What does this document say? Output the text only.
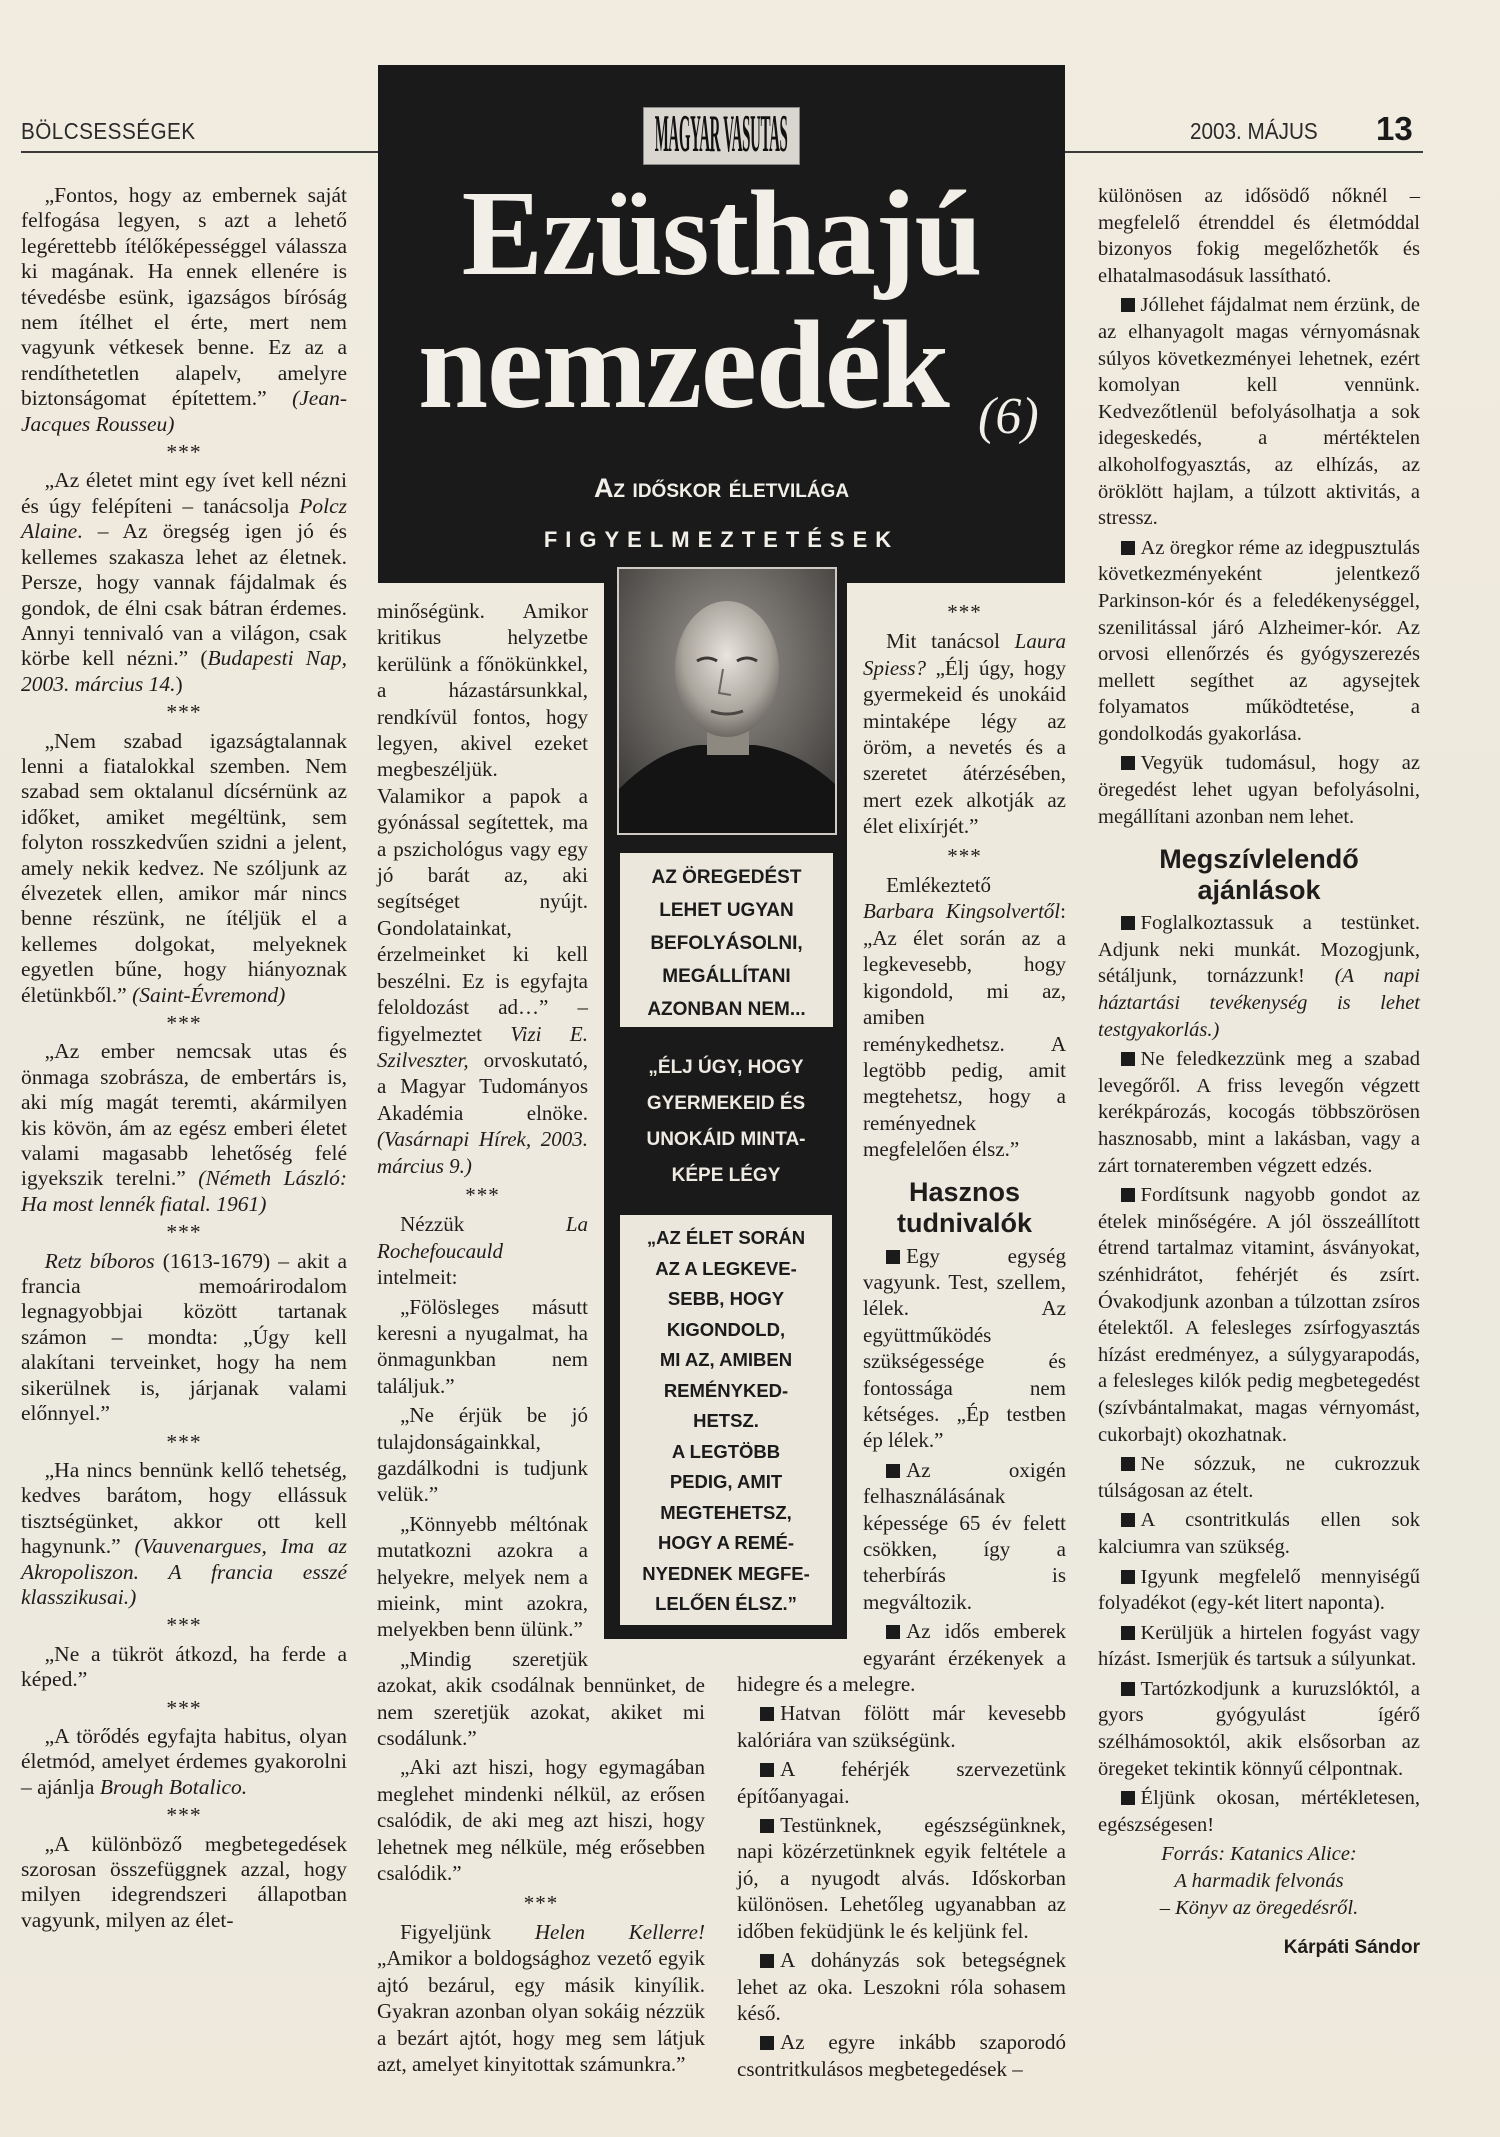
BÖLCSESSÉGEK	2003. MÁJUS 13
MAGYAR VASUTAS
Ezüsthajú
nemzedék (6)
Az időskor életvilága
FIGYELMEZTETÉSEK
AZ ÖREGEDÉST
LEHET UGYAN
BEFOLYÁSOLNI,
MEGÁLLÍTANI
AZONBAN NEM...
„ÉLJ ÚGY, HOGY
GYERMEKEID ÉS
UNOKÁID MINTA-
KÉPE LÉGY
„AZ ÉLET SORÁN
AZ A LEGKEVE-
SEBB, HOGY
KIGONDOLD,
MI AZ, AMIBEN
REMÉNYKED-
HETSZ.
A LEGTÖBB
PEDIG, AMIT
MEGTEHETSZ,
HOGY A REMÉ-
NYEDNEK MEGFE-
LELŐEN ÉLSZ.”

„Fontos, hogy az embernek saját felfogása legyen, s azt a lehető legérettebb ítélőképességgel válassza ki magának. Ha ennek ellenére is tévedésbe esünk, igazságos bíróság nem ítélhet el érte, mert nem vagyunk vétkesek benne. Ez az a rendíthetetlen alapelv, amelyre biztonságomat építettem.” (Jean-Jacques Rousseu)

***

„Az életet mint egy ívet kell nézni és úgy felépíteni – tanácsolja Polcz Alaine. – Az öregség igen jó és kellemes szakasza lehet az életnek. Persze, hogy vannak fájdalmak és gondok, de élni csak bátran érdemes. Annyi tennivaló van a világon, csak körbe kell nézni.” (Budapesti Nap, 2003. március 14.)

***

„Nem szabad igazságtalannak lenni a fiatalokkal szemben. Nem szabad sem oktalanul dícsérnünk az időket, amiket megéltünk, sem folyton rosszkedvűen szidni a jelent, amely nekik kedvez. Ne szóljunk az élvezetek ellen, amikor már nincs benne részünk, ne ítéljük el a kellemes dolgokat, melyeknek egyetlen bűne, hogy hiányoznak életünkből.” (Saint-Évremond)

***

„Az ember nemcsak utas és önmaga szobrásza, de embertárs is, aki míg magát teremti, akármilyen kis kövön, ám az egész emberi életet valami magasabb lehetőség felé igyekszik terelni.” (Németh László: Ha most lennék fiatal. 1961)

***

Retz bíboros (1613-1679) – akit a francia memoárirodalom legnagyobbjai között tartanak számon – mondta: „Úgy kell alakítani terveinket, hogy ha nem sikerülnek is, járjanak valami előnnyel.”

***

„Ha nincs bennünk kellő tehetség, kedves barátom, hogy ellássuk tisztségünket, akkor ott kell hagynunk.” (Vauvenargues, Ima az Akropoliszon. A francia esszé klasszikusai.)

***

„Ne a tükröt átkozd, ha ferde a képed.”

***

„A törődés egyfajta habitus, olyan életmód, amelyet érdemes gyakorolni – ajánlja Brough Botalico.

***

„A különböző megbetegedések szorosan összefüggnek azzal, hogy milyen idegrendszeri állapotban vagyunk, milyen az élet-

minőségünk. Amikor kritikus helyzetbe kerülünk a főnökünkkel, a házastársunkkal, rendkívül fontos, hogy legyen, akivel ezeket megbeszéljük. Valamikor a papok a gyónással segítettek, ma a pszichológus vagy egy jó barát az, aki segítséget nyújt. Gondolatainkat, érzelmeinket ki kell beszélni. Ez is egyfajta feloldozást ad…” – figyelmeztet Vizi E. Szilveszter, orvoskutató, a Magyar Tudományos Akadémia elnöke. (Vasárnapi Hírek, 2003. március 9.)

***

Nézzük La Rochefoucauld intelmeit:

„Fölösleges másutt keresni a nyugalmat, ha önmagunkban nem találjuk.”

„Ne érjük be jó tulajdonságainkkal, gazdálkodni is tudjunk velük.”

„Könnyebb méltónak mutatkozni azokra a helyekre, melyek nem a mieink, mint azokra, melyekben benn ülünk.”

„Mindig szeretjük azokat, akik csodálnak bennünket, de nem szeretjük azokat, akiket mi csodálunk.”

„Aki azt hiszi, hogy egymagában meglehet mindenki nélkül, az erősen csalódik, de aki meg azt hiszi, hogy lehetnek meg nélküle, még erősebben csalódik.”

***

Figyeljünk Helen Kellerre! „Amikor a boldogsághoz vezető egyik ajtó bezárul, egy másik kinyílik. Gyakran azonban olyan sokáig nézzük a bezárt ajtót, hogy meg sem látjuk azt, amelyet kinyitottak számunkra.”

***

Mit tanácsol Laura Spiess? „Élj úgy, hogy gyermekeid és unokáid mintaképe légy az öröm, a nevetés és a szeretet átérzésében, mert ezek alkotják az élet elixírjét.”

***

Emlékeztető Barbara Kingsolvertől: „Az élet során az a legkevesebb, hogy kigondold, mi az, amiben reménykedhetsz. A legtöbb pedig, amit megtehetsz, hogy a reményednek megfelelően élsz.”

Hasznos tudnivalók

Egy egység vagyunk. Test, szellem, lélek. Az együttműködés szükségessége és fontossága nem kétséges. „Ép testben ép lélek.”

Az oxigén felhasználásának képessége 65 év felett csökken, így a teherbírás is megváltozik.

Az idős emberek egyaránt érzékenyek a hidegre és a melegre.

Hatvan fölött már kevesebb kalóriára van szükségünk.

A fehérjék szervezetünk építőanyagai.

Testünknek, egészségünknek, napi közérzetünknek egyik feltétele a jó, a nyugodt alvás. Időskorban különösen. Lehetőleg ugyanabban az időben feküdjünk le és keljünk fel.

A dohányzás sok betegségnek lehet az oka. Leszokni róla sohasem késő.

Az egyre inkább szaporodó csontritkulásos megbetegedések –

különösen az idősödő nőknél – megfelelő étrenddel és életmóddal bizonyos fokig megelőzhetők és elhatalmasodásuk lassítható.

Jóllehet fájdalmat nem érzünk, de az elhanyagolt magas vérnyomásnak súlyos következményei lehetnek, ezért komolyan kell vennünk. Kedvezőtlenül befolyásolhatja a sok idegeskedés, a mértéktelen alkoholfogyasztás, az elhízás, az öröklött hajlam, a túlzott aktivitás, a stressz.

Az öregkor réme az idegpusztulás következményeként jelentkező Parkinson-kór és a feledékenységgel, szenilitással járó Alzheimer-kór. Az orvosi ellenőrzés és gyógyszerezés mellett segíthet az agysejtek folyamatos működtetése, a gondolkodás gyakorlása.

Vegyük tudomásul, hogy az öregedést lehet ugyan befolyásolni, megállítani azonban nem lehet.

Megszívlelendő ajánlások

Foglalkoztassuk a testünket. Adjunk neki munkát. Mozogjunk, sétáljunk, tornázzunk! (A napi háztartási tevékenység is lehet testgyakorlás.)

Ne feledkezzünk meg a szabad levegőről. A friss levegőn végzett kerékpározás, kocogás többszörösen hasznosabb, mint a lakásban, vagy a zárt tornateremben végzett edzés.

Fordítsunk nagyobb gondot az ételek minőségére. A jól összeállított étrend tartalmaz vitamint, ásványokat, szénhidrátot, fehérjét és zsírt. Óvakodjunk azonban a túlzottan zsíros ételektől. A felesleges zsírfogyasztás hízást eredményez, a súlygyarapodás, a felesleges kilók pedig megbetegedést (szívbántalmakat, magas vérnyomást, cukorbajt) okozhatnak.

Ne sózzuk, ne cukrozzuk túlságosan az ételt.

A csontritkulás ellen sok kalciumra van szükség.

Igyunk megfelelő mennyiségű folyadékot (egy-két litert naponta).

Kerüljük a hirtelen fogyást vagy hízást. Ismerjük és tartsuk a súlyunkat.

Tartózkodjunk a kuruzslóktól, a gyors gyógyulást ígérő szélhámosoktól, akik elsősorban az öregeket tekintik könnyű célpontnak.

Éljünk okosan, mértékletesen, egészségesen!

Forrás: Katanics Alice:

A harmadik felvonás

– Könyv az öregedésről.

Kárpáti Sándor
